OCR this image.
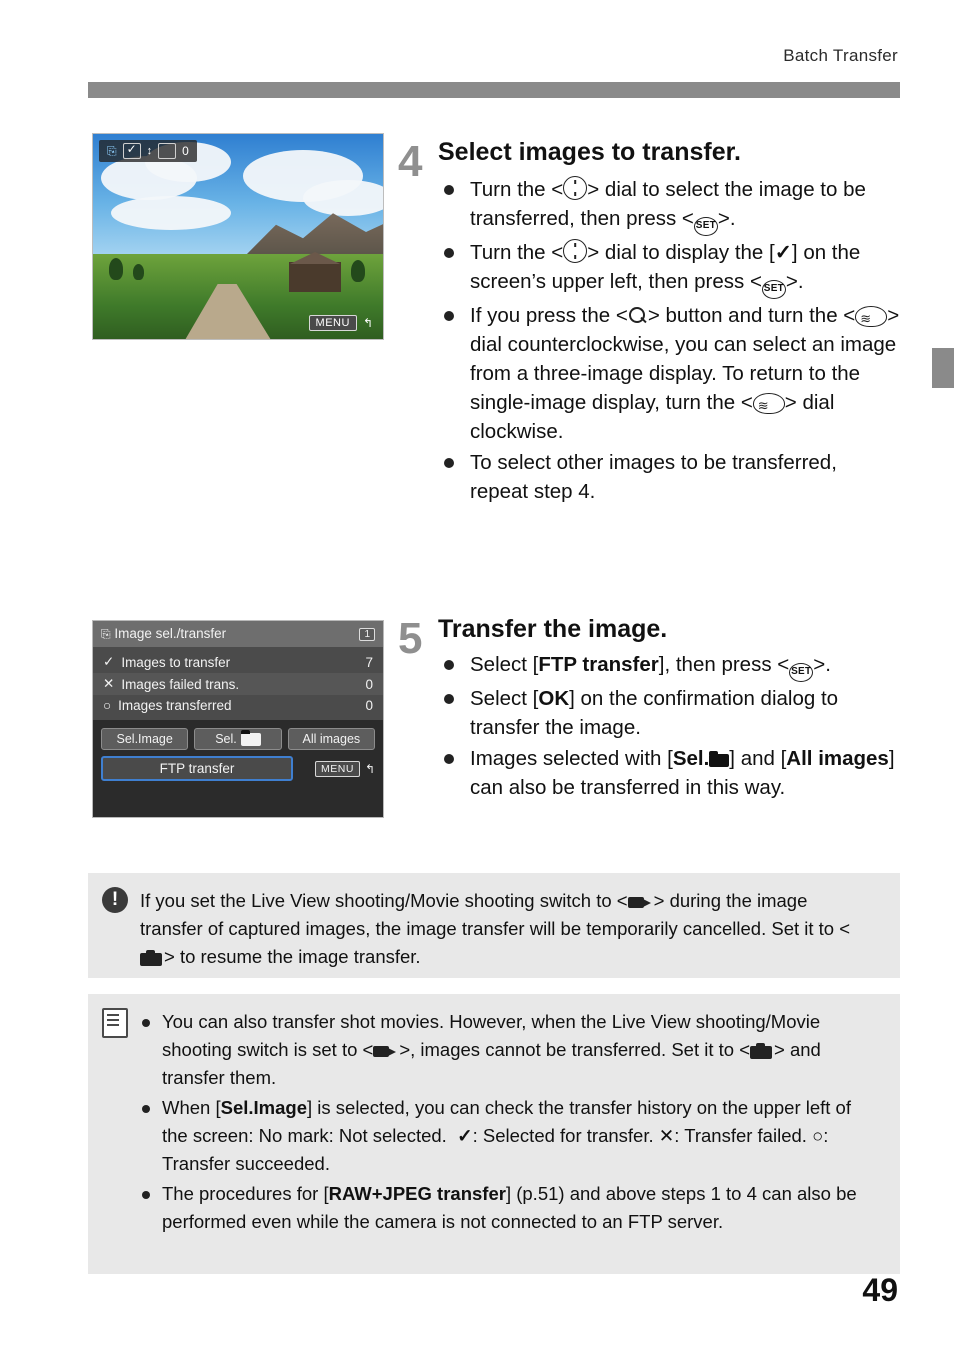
Batch Transfer
⎘ ✓ ↕	0
MENU	↰
4 Select images to transfer.
Turn the < > dial to select the image to be transferred, then press < SET>.
Turn the < > dial to display the [✓] on the screen’s upper left, then press < SET>.
If you press the < > button and turn the < ≋ > dial counterclockwise, you can select an image from a three-image display. To return to the single-image display, turn the < ≋ > dial clockwise.
To select other images to be transferred, repeat step 4.
⎘ Image sel./transfer	1
✓ Images to transfer	7
✕ Images failed trans.	0
○ Images transferred	0
Sel.Image	Sel.	All images
FTP transfer	MENU ↰
5 Transfer the image.
Select [FTP transfer], then press < SET>.
Select [OK] on the confirmation dialog to transfer the image.
Images selected with [Sel. ] and [All images] can also be transferred in this way.
!	If you set the Live View shooting/Movie shooting switch to < > during the image transfer of captured images, the image transfer will be temporarily cancelled. Set it to <> to resume the image transfer.
You can also transfer shot movies. However, when the Live View shooting/Movie shooting switch is set to < >, images cannot be transferred. Set it to < > and transfer them.
When [Sel.Image] is selected, you can check the transfer history on the upper left of the screen: No mark: Not selected.  ✓: Selected for transfer. ✕: Transfer failed. ○: Transfer succeeded.
The procedures for [RAW+JPEG transfer] (p.51) and above steps 1 to 4 can also be performed even while the camera is not connected to an FTP server.
49
